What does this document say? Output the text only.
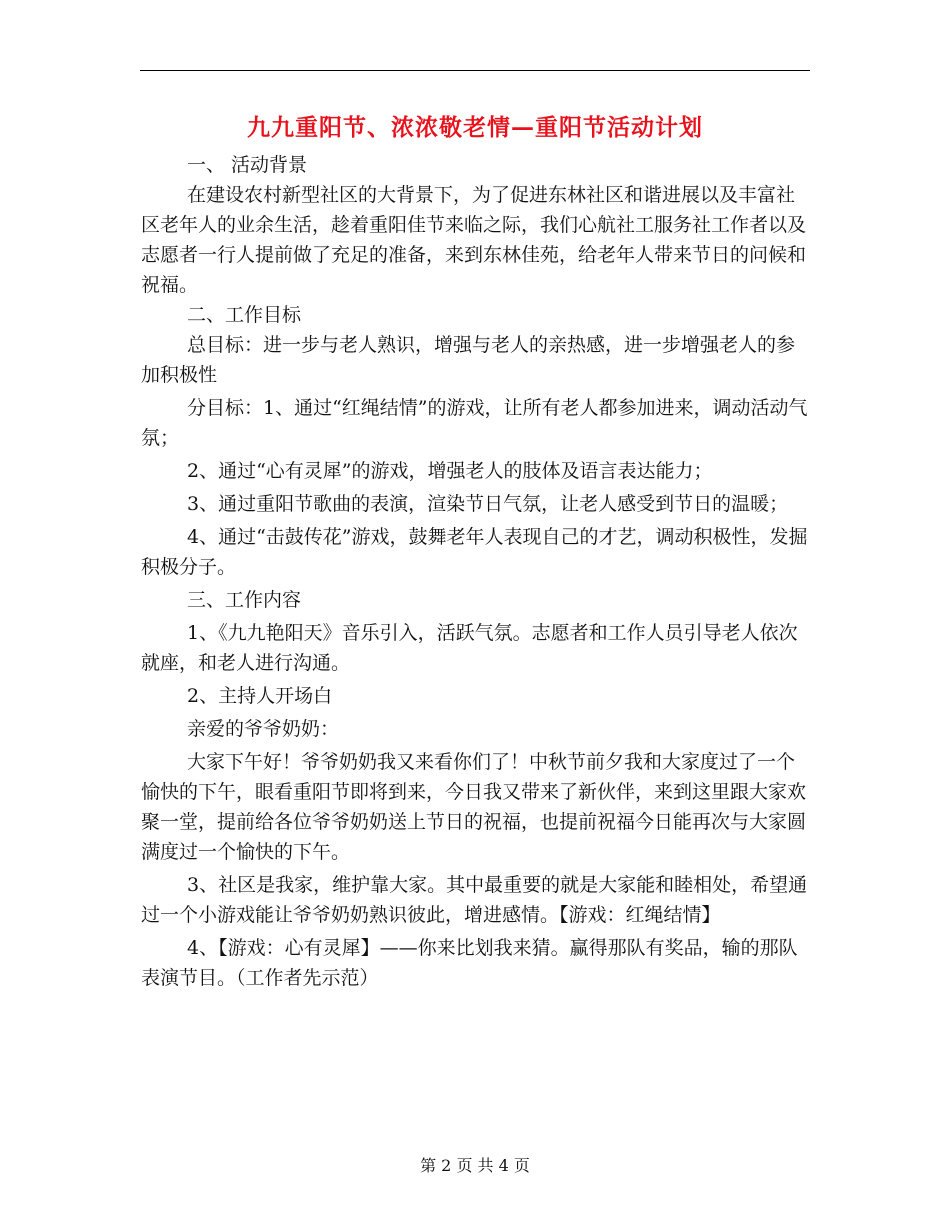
九九重阳节、浓浓敬老情—重阳节活动计划

一、 活动背景

在建设农村新型社区的大背景下，为了促进东林社区和谐进展以及丰富社区老年人的业余生活，趁着重阳佳节来临之际，我们心航社工服务社工作者以及志愿者一行人提前做了充足的准备，来到东林佳苑，给老年人带来节日的问候和祝福。

二、工作目标

总目标：进一步与老人熟识，增强与老人的亲热感，进一步增强老人的参加积极性

分目标：1、通过“红绳结情”的游戏，让所有老人都参加进来，调动活动气氛；

2、通过“心有灵犀”的游戏，增强老人的肢体及语言表达能力；

3、通过重阳节歌曲的表演，渲染节日气氛，让老人感受到节日的温暖；

4、通过“击鼓传花”游戏，鼓舞老年人表现自己的才艺，调动积极性，发掘积极分子。

三、工作内容

1、《九九艳阳天》音乐引入，活跃气氛。志愿者和工作人员引导老人依次就座，和老人进行沟通。

2、主持人开场白

亲爱的爷爷奶奶：

大家下午好！爷爷奶奶我又来看你们了！中秋节前夕我和大家度过了一个愉快的下午，眼看重阳节即将到来，今日我又带来了新伙伴，来到这里跟大家欢聚一堂，提前给各位爷爷奶奶送上节日的祝福，也提前祝福今日能再次与大家圆满度过一个愉快的下午。

3、社区是我家，维护靠大家。其中最重要的就是大家能和睦相处，希望通过一个小游戏能让爷爷奶奶熟识彼此，增进感情。【游戏：红绳结情】

4、【游戏：心有灵犀】——你来比划我来猜。赢得那队有奖品，输的那队表演节目。（工作者先示范）

第 2 页 共 4 页
